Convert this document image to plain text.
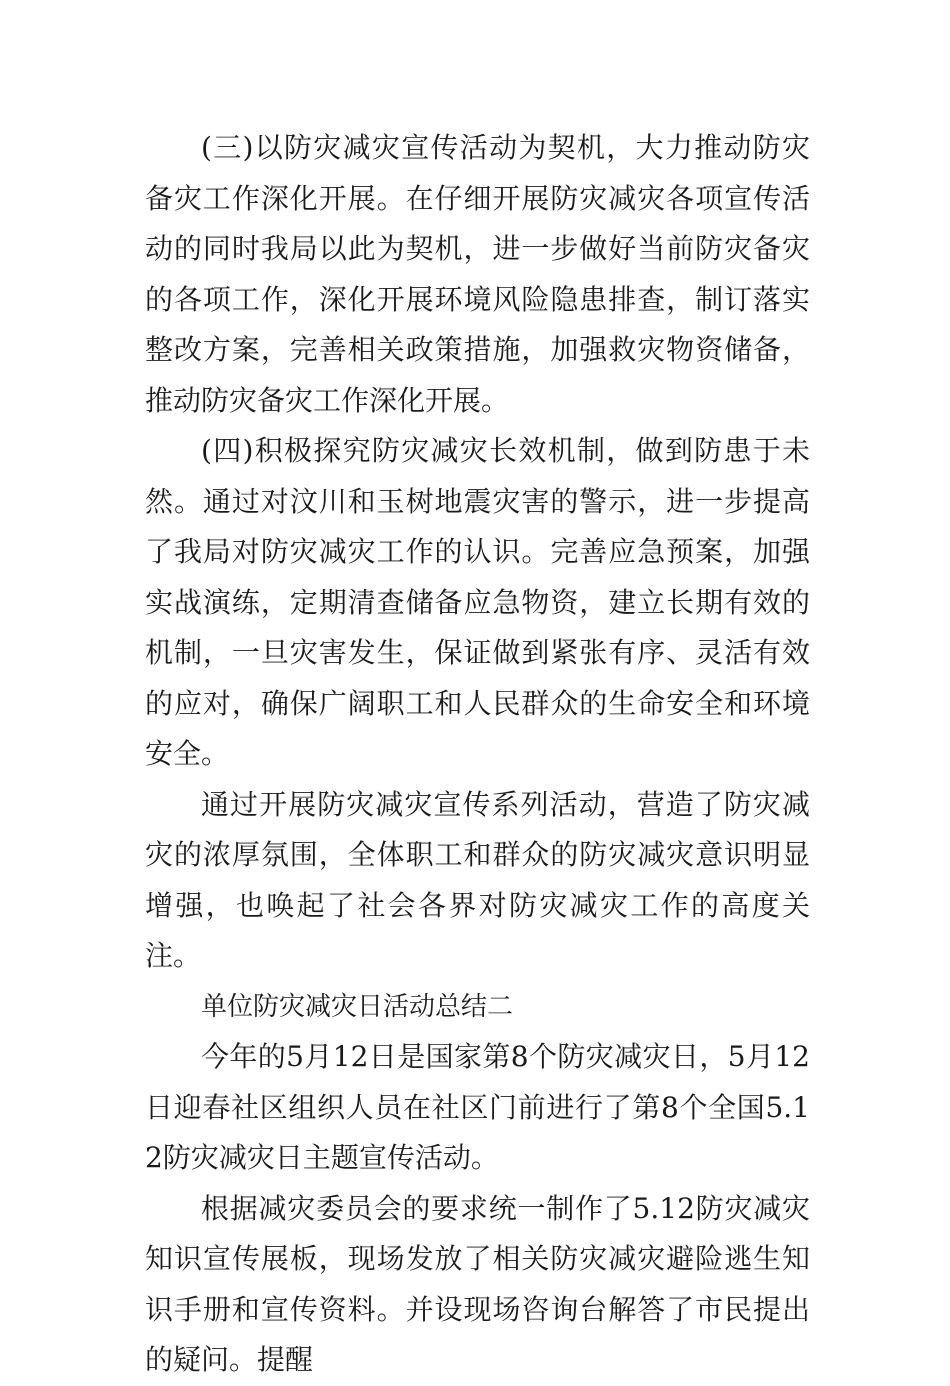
(三)以防灾减灾宣传活动为契机，大力推动防灾备灾工作深化开展。在仔细开展防灾减灾各项宣传活动的同时我局以此为契机，进一步做好当前防灾备灾的各项工作，深化开展环境风险隐患排查，制订落实整改方案，完善相关政策措施，加强救灾物资储备，推动防灾备灾工作深化开展。

(四)积极探究防灾减灾长效机制，做到防患于未然。通过对汶川和玉树地震灾害的警示，进一步提高了我局对防灾减灾工作的认识。完善应急预案，加强实战演练，定期清查储备应急物资，建立长期有效的机制，一旦灾害发生，保证做到紧张有序、灵活有效的应对，确保广阔职工和人民群众的生命安全和环境安全。

通过开展防灾减灾宣传系列活动，营造了防灾减灾的浓厚氛围，全体职工和群众的防灾减灾意识明显增强，也唤起了社会各界对防灾减灾工作的高度关注。

单位防灾减灾日活动总结二

今年的5月12日是国家第8个防灾减灾日，5月12日迎春社区组织人员在社区门前进行了第8个全国5.12防灾减灾日主题宣传活动。

根据减灾委员会的要求统一制作了5.12防灾减灾知识宣传展板，现场发放了相关防灾减灾避险逃生知识手册和宣传资料。并设现场咨询台解答了市民提出的疑问。提醒
